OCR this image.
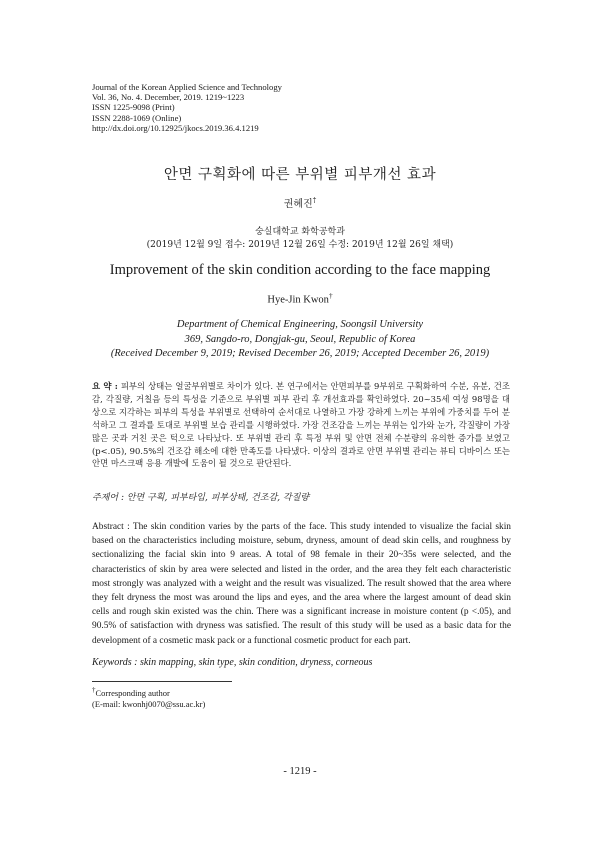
Journal of the Korean Applied Science and Technology
Vol. 36, No. 4. December, 2019. 1219~1223
ISSN 1225-9098 (Print)
ISSN 2288-1069 (Online)
http://dx.doi.org/10.12925/jkocs.2019.36.4.1219
안면 구획화에 따른 부위별 피부개선 효과
권혜진†
숭실대학교 화학공학과
(2019년 12월 9일 접수: 2019년 12월 26일 수정: 2019년 12월 26일 채택)
Improvement of the skin condition according to the face mapping
Hye-Jin Kwon†
Department of Chemical Engineering, Soongsil University
369, Sangdo-ro, Dongjak-gu, Seoul, Republic of Korea
(Received December 9, 2019; Revised December 26, 2019; Accepted December 26, 2019)
요 약 : 피부의 상태는 얼굴부위별로 차이가 있다. 본 연구에서는 안면피부를 9부위로 구획화하여 수분, 유분, 건조감, 각질량, 거칠음 등의 특성을 기준으로 부위별 피부 관리 후 개선효과를 확인하였다. 20~35세 여성 98명을 대상으로 지각하는 피부의 특성을 부위별로 선택하여 순서대로 나열하고 가장 강하게 느끼는 부위에 가중치를 두어 분석하고 그 결과를 토대로 부위별 보습 관리를 시행하였다. 가장 건조감을 느끼는 부위는 입가와 눈가, 각질량이 가장 많은 곳과 거친 곳은 턱으로 나타났다. 또 부위별 관리 후 특정 부위 및 안면 전체 수분량의 유의한 증가를 보였고(p<.05), 90.5%의 건조감 해소에 대한 만족도를 나타냈다. 이상의 결과로 안면 부위별 관리는 뷰티 디바이스 또는 안면 마스크팩 응용 개발에 도움이 될 것으로 판단된다.
주제어 : 안면 구획, 피부타입, 피부상태, 건조감, 각질량
Abstract : The skin condition varies by the parts of the face. This study intended to visualize the facial skin based on the characteristics including moisture, sebum, dryness, amount of dead skin cells, and roughness by sectionalizing the facial skin into 9 areas. A total of 98 female in their 20~35s were selected, and the characteristics of skin by area were selected and listed in the order, and the area they felt each characteristic most strongly was analyzed with a weight and the result was visualized. The result showed that the area where they felt dryness the most was around the lips and eyes, and the area where the largest amount of dead skin cells and rough skin existed was the chin. There was a significant increase in moisture content (p <.05), and 90.5% of satisfaction with dryness was satisfied. The result of this study will be used as a basic data for the development of a cosmetic mask pack or a functional cosmetic product for each part.
Keywords : skin mapping, skin type, skin condition, dryness, corneous
†Corresponding author
(E-mail: kwonhj0070@ssu.ac.kr)
- 1219 -
